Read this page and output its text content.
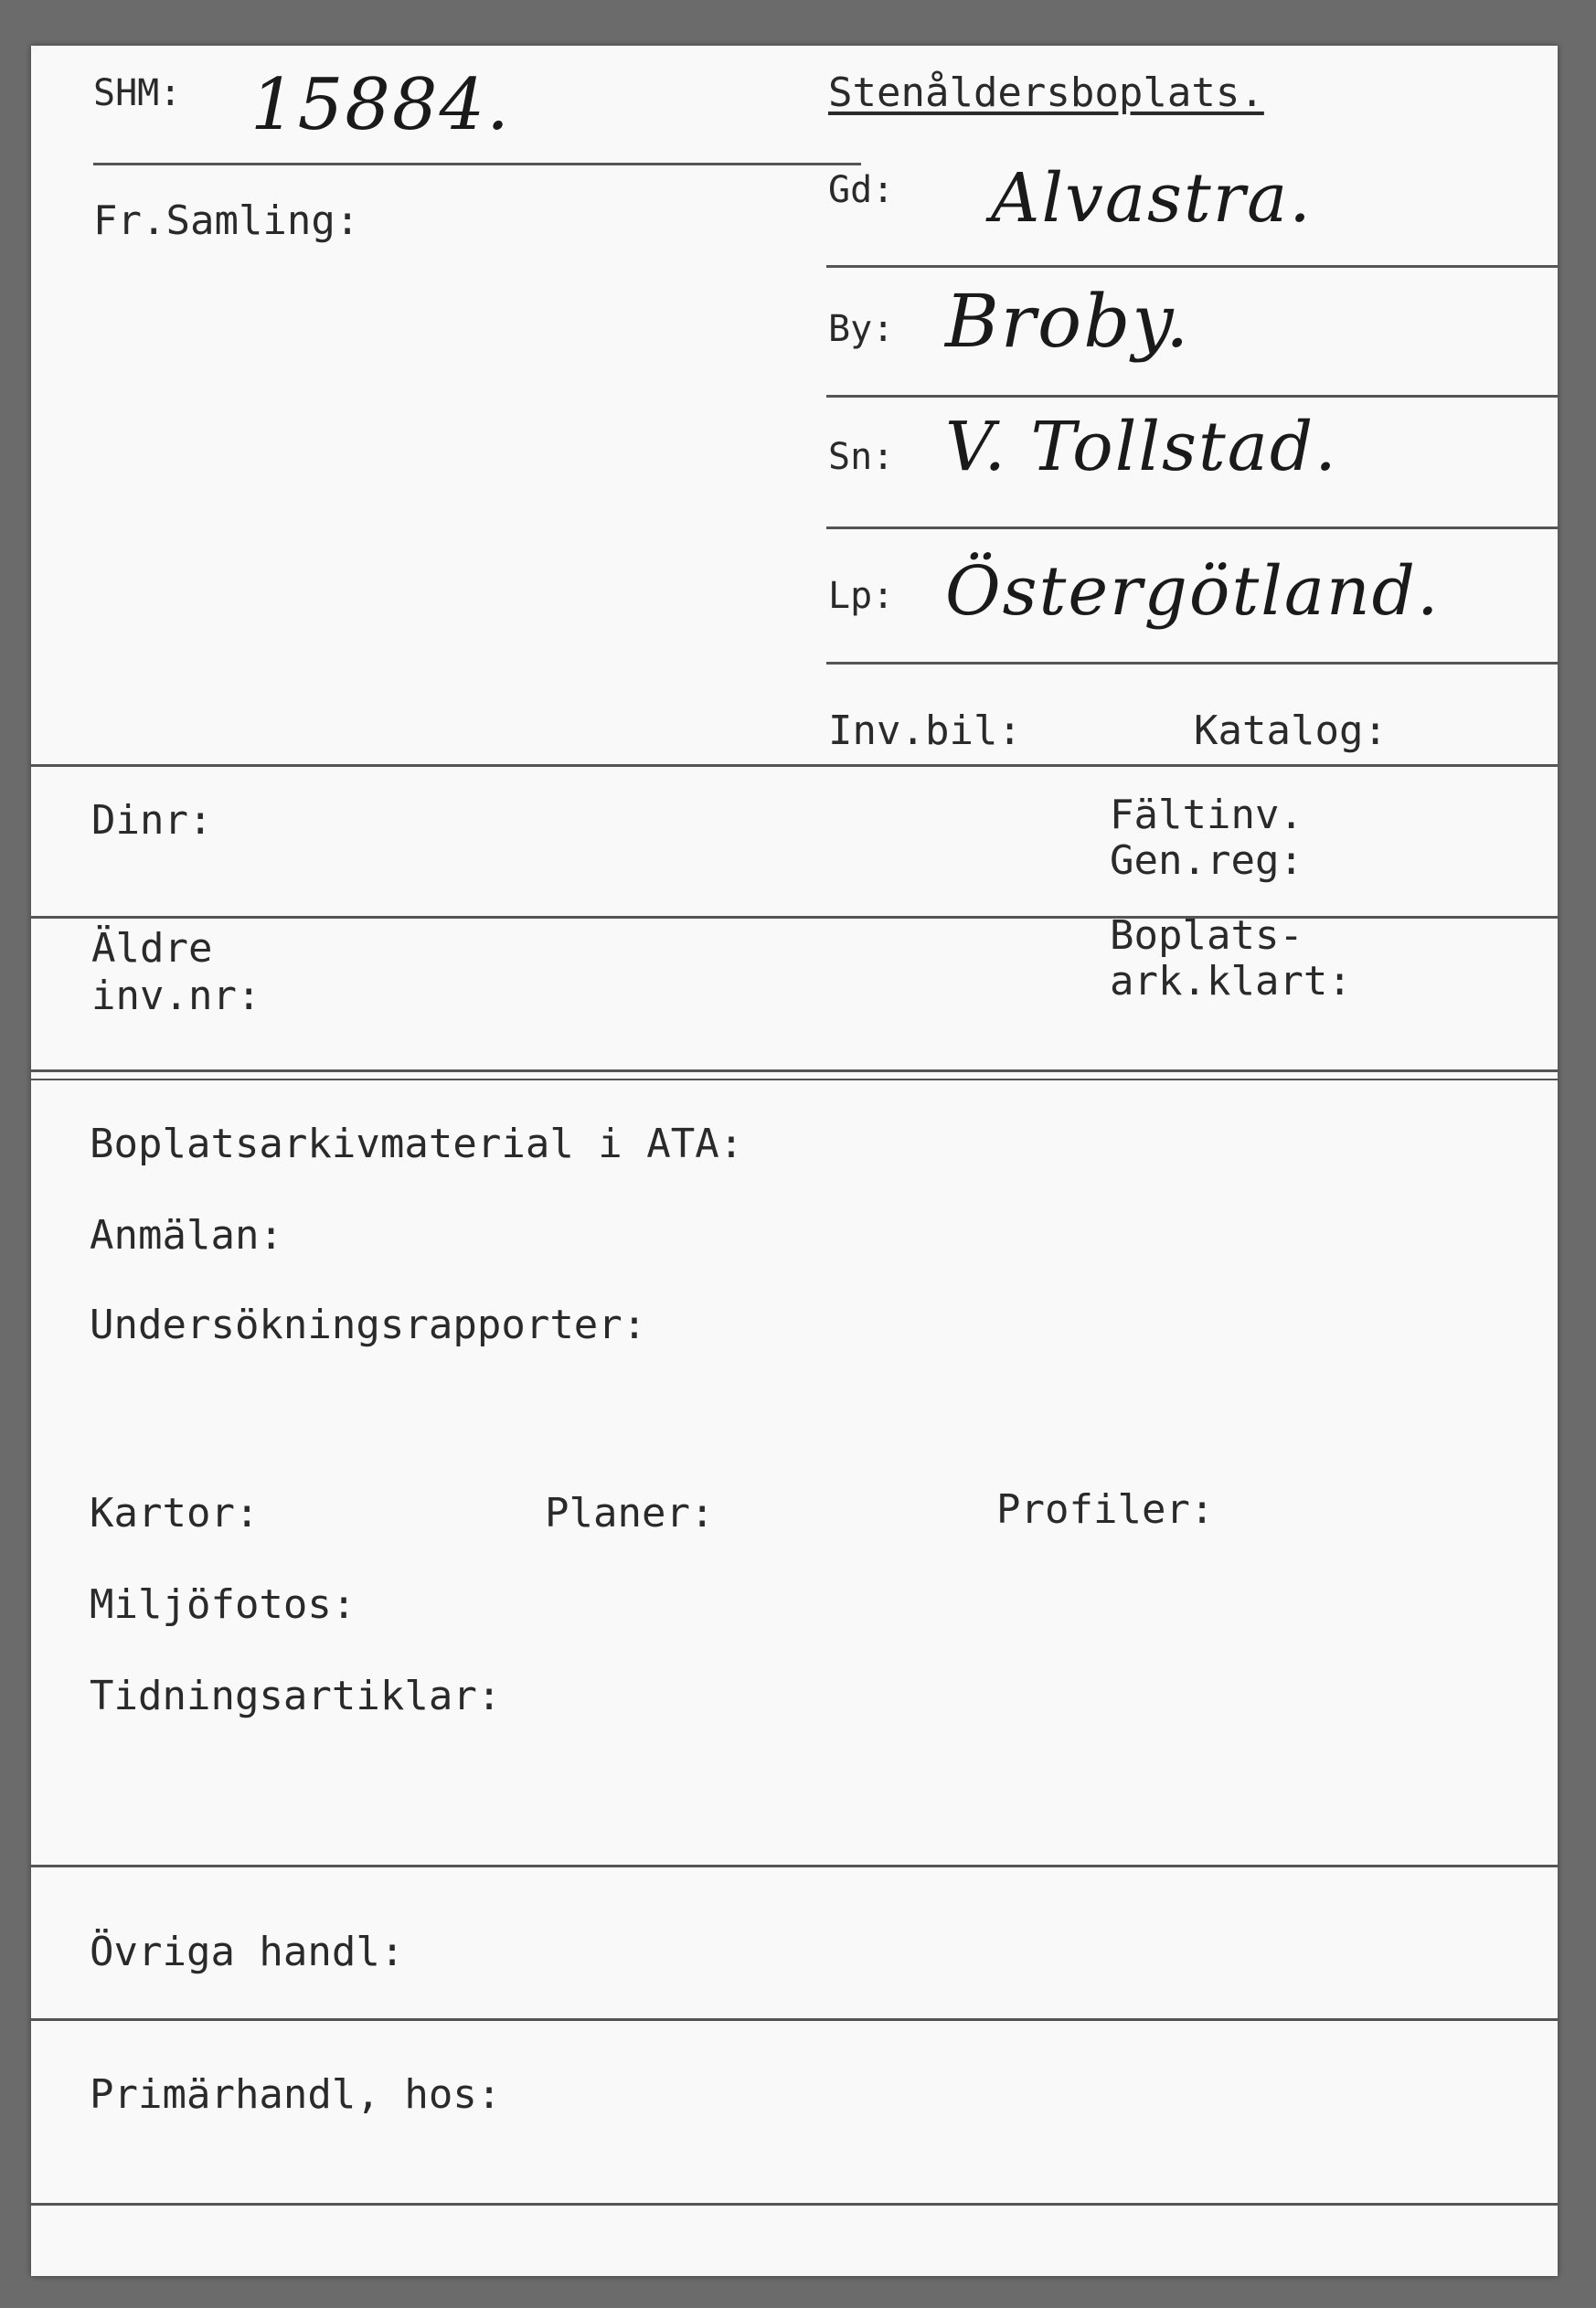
SHM: 15884.
Fr.Samling:
Stenåldersboplats.
Gd: Alvastra.
By: Broby.
Sn: V. Tollstad.
Lp: Östergötland.
Inv.bil:	Katalog:
Dinr:	Fältinv.
Gen.reg:
Äldre
inv.nr:
Boplats-
ark.klart:
Boplatsarkivmaterial i ATA:
Anmälan:
Undersökningsrapporter:
Kartor:	Planer:	Profiler:
Miljöfotos:
Tidningsartiklar:
Övriga handl:
Primärhandl, hos:
